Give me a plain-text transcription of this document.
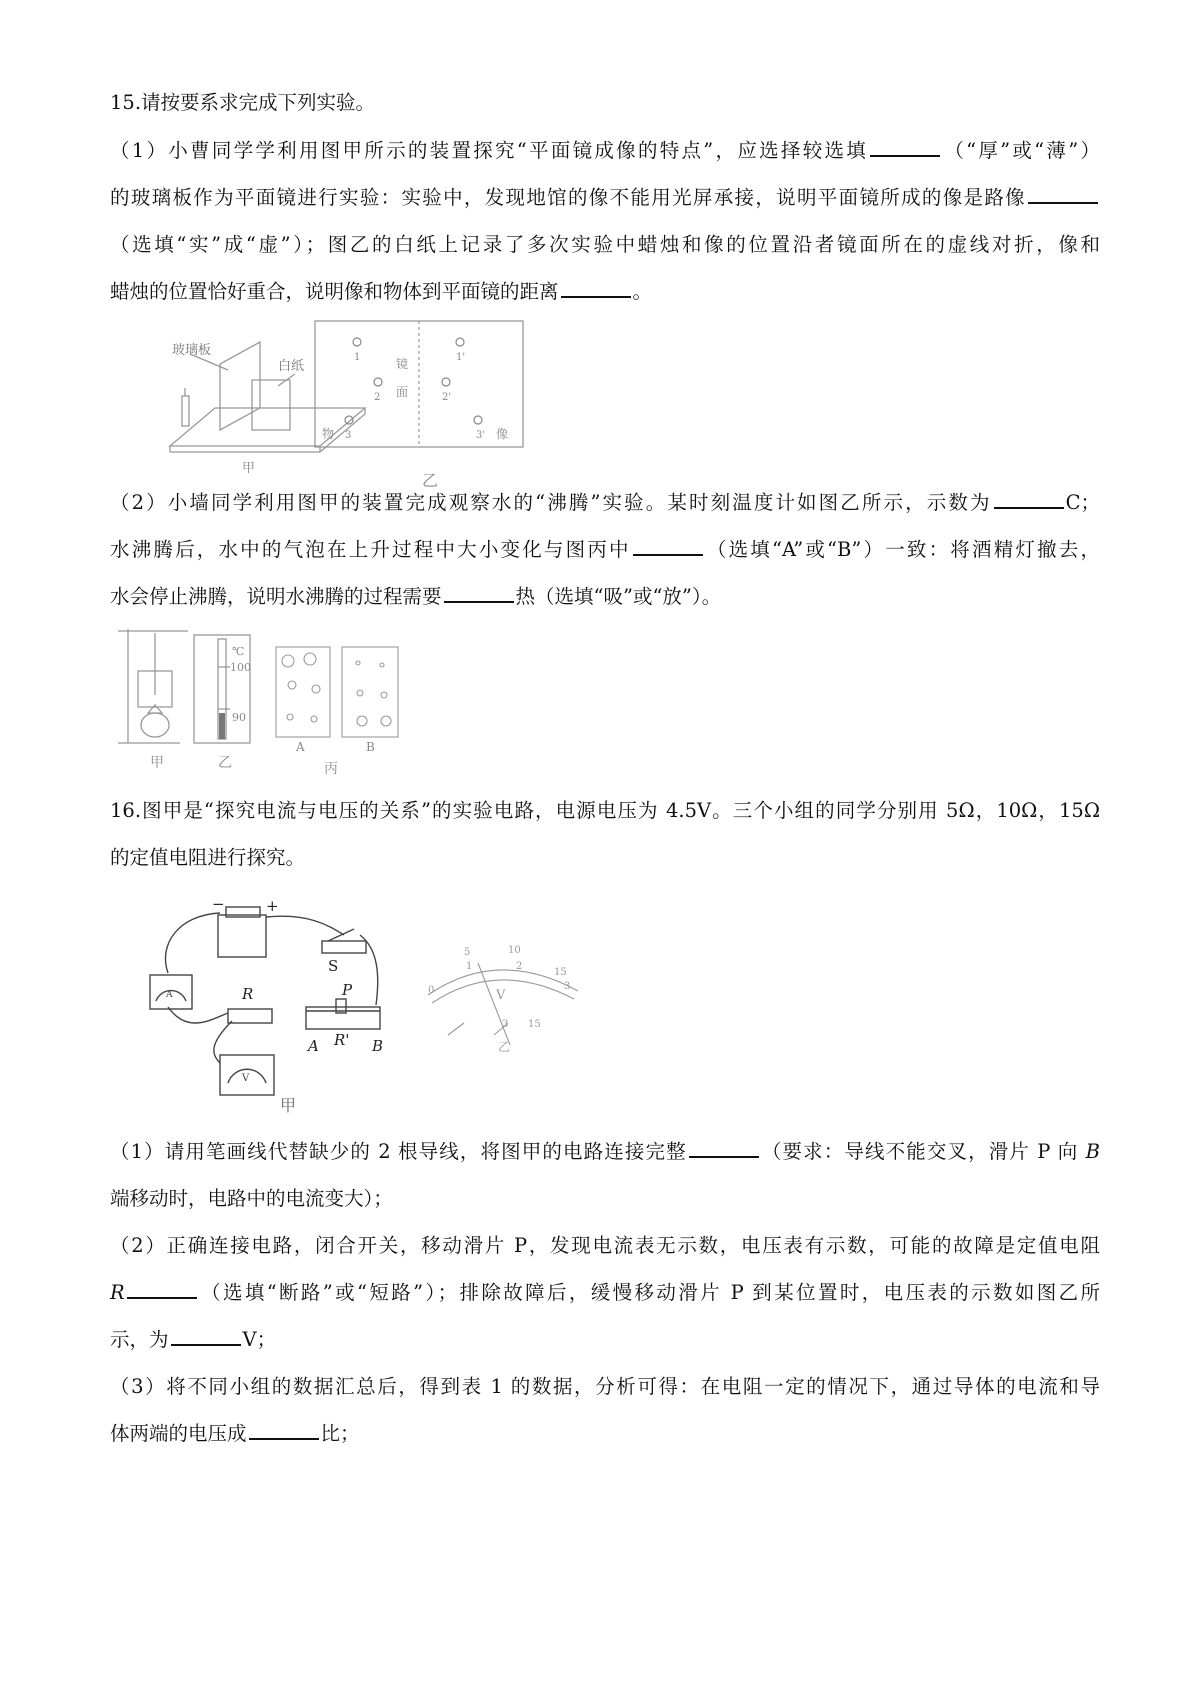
15.请按要系求完成下列实验。
（1）小曹同学学利用图甲所示的装置探究“平面镜成像的特点”，应选择较选填	（“厚”或“薄”）
的玻璃板作为平面镜进行实验：实验中，发现地馆的像不能用光屏承接，说明平面镜所成的像是路像
（选填“实”成“虚”）；图乙的白纸上记录了多次实验中蜡烛和像的位置沿者镜面所在的虚线对折，像和
蜡烛的位置恰好重合，说明像和物体到平面镜的距离	。
玻璃板
白纸
甲
乙
镜
面
1
2
3
1'
2'
3'
物	像
（2）小墙同学利用图甲的装置完成观察水的“沸腾”实验。某时刻温度计如图乙所示，示数为	C；
水沸腾后，水中的气泡在上升过程中大小变化与图丙中	（选填“A”或“B”）一致：将酒精灯撤去，
水会停止沸腾，说明水沸腾的过程需要	热（选填“吸”或“放”）。
℃
100
90
甲	乙
A	B
丙
16.图甲是“探究电流与电压的关系”的实验电路，电源电压为 4.5V。三个小组的同学分别用 5Ω，10Ω，15Ω
的定值电阻进行探究。
−	+
S
R	P
R'
A	B
A
V
甲
0
1	2
3
5	10
15
V
3 15
乙
（1）请用笔画线代替缺少的 2 根导线，将图甲的电路连接完整	（要求：导线不能交叉，滑片 P 向 B
端移动时，电路中的电流变大）；
（2）正确连接电路，闭合开关，移动滑片 P，发现电流表无示数，电压表有示数，可能的故障是定值电阻
R	（选填“断路”或“短路”）；排除故障后，缓慢移动滑片 P 到某位置时，电压表的示数如图乙所
示，为	V；
（3）将不同小组的数据汇总后，得到表 1 的数据，分析可得：在电阻一定的情况下，通过导体的电流和导
体两端的电压成	比；
